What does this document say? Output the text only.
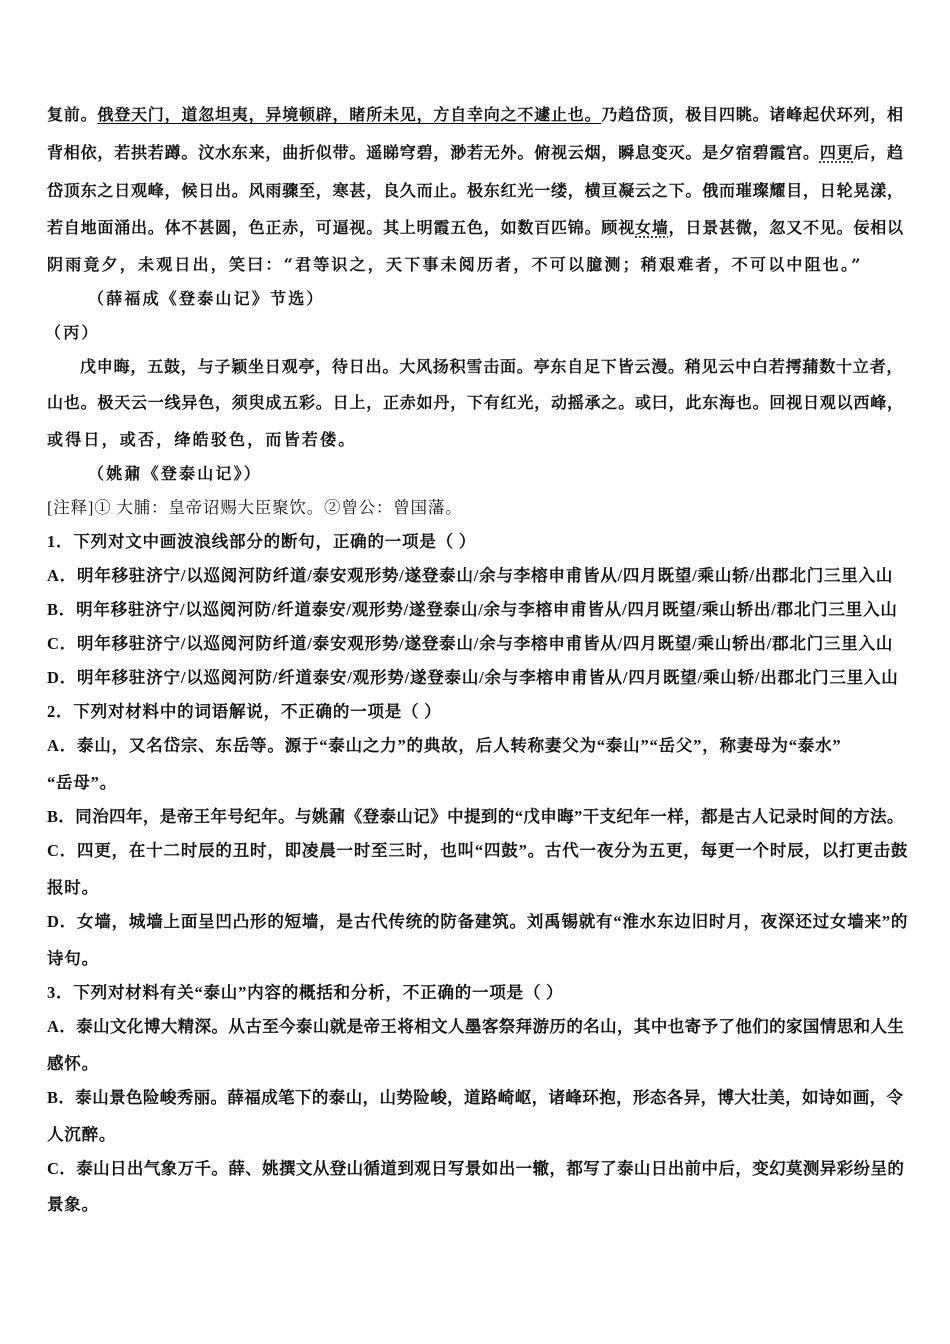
复前。俄登天门，道忽坦夷，异境顿辟，睹所未见，方自幸向之不遽止也。乃趋岱顶，极目四眺。诸峰起伏环列，相
背相依，若拱若蹲。汶水东来，曲折似带。遥睇穹碧，渺若无外。俯视云烟，瞬息变灭。是夕宿碧霞宫。四更后，趋
岱顶东之日观峰，候日出。风雨骤至，寒甚，良久而止。极东红光一缕，横亘凝云之下。俄而璀璨耀目，日轮晃漾，
若自地面涌出。体不甚圆，色正赤，可逼视。其上明霞五色，如数百匹锦。顾视女墙，日景甚微，忽又不见。佞相以
阴雨竟夕，未观日出，笑曰：“君等识之，天下事未阅历者，不可以臆测；稍艰难者，不可以中阻也。”
（薛福成《登泰山记》节选）
（丙）
戊申晦，五鼓，与子颖坐日观亭，待日出。大风扬积雪击面。亭东自足下皆云漫。稍见云中白若摴蒱数十立者，
山也。极天云一线异色，须臾成五彩。日上，正赤如丹，下有红光，动摇承之。或曰，此东海也。回视日观以西峰，
或得日，或否，绛皓驳色，而皆若偻。
（姚鼐《登泰山记》）
[注释]① 大脯：皇帝诏赐大臣聚饮。②曾公：曾国藩。
1．下列对文中画波浪线部分的断句，正确的一项是（ ）
A．明年移驻济宁/以巡阅河防纤道/泰安观形势/遂登泰山/余与李榕申甫皆从/四月既望/乘山轿/出郡北门三里入山
B．明年移驻济宁/以巡阅河防/纤道泰安/观形势/遂登泰山/余与李榕申甫皆从/四月既望/乘山轿出/郡北门三里入山
C．明年移驻济宁/以巡阅河防纤道/泰安观形势/遂登泰山/余与李榕申甫皆从/四月既望/乘山轿出/郡北门三里入山
D．明年移驻济宁/以巡阅河防/纤道泰安/观形势/遂登泰山/余与李榕申甫皆从/四月既望/乘山轿/出郡北门三里入山
2．下列对材料中的词语解说，不正确的一项是（ ）
A．泰山，又名岱宗、东岳等。源于“泰山之力”的典故，后人转称妻父为“泰山”“岳父”，称妻母为“泰水”
“岳母”。
B．同治四年，是帝王年号纪年。与姚鼐《登泰山记》中提到的“戊申晦”干支纪年一样，都是古人记录时间的方法。
C．四更，在十二时辰的丑时，即凌晨一时至三时，也叫“四鼓”。古代一夜分为五更，每更一个时辰，以打更击鼓
报时。
D．女墙，城墙上面呈凹凸形的短墙，是古代传统的防备建筑。刘禹锡就有“淮水东边旧时月，夜深还过女墙来”的
诗句。
3．下列对材料有关“泰山”内容的概括和分析，不正确的一项是（ ）
A．泰山文化博大精深。从古至今泰山就是帝王将相文人墨客祭拜游历的名山，其中也寄予了他们的家国情思和人生
感怀。
B．泰山景色险峻秀丽。薛福成笔下的泰山，山势险峻，道路崎岖，诸峰环抱，形态各异，博大壮美，如诗如画，令
人沉醉。
C．泰山日出气象万千。薛、姚撰文从登山循道到观日写景如出一辙，都写了泰山日出前中后，变幻莫测异彩纷呈的
景象。
